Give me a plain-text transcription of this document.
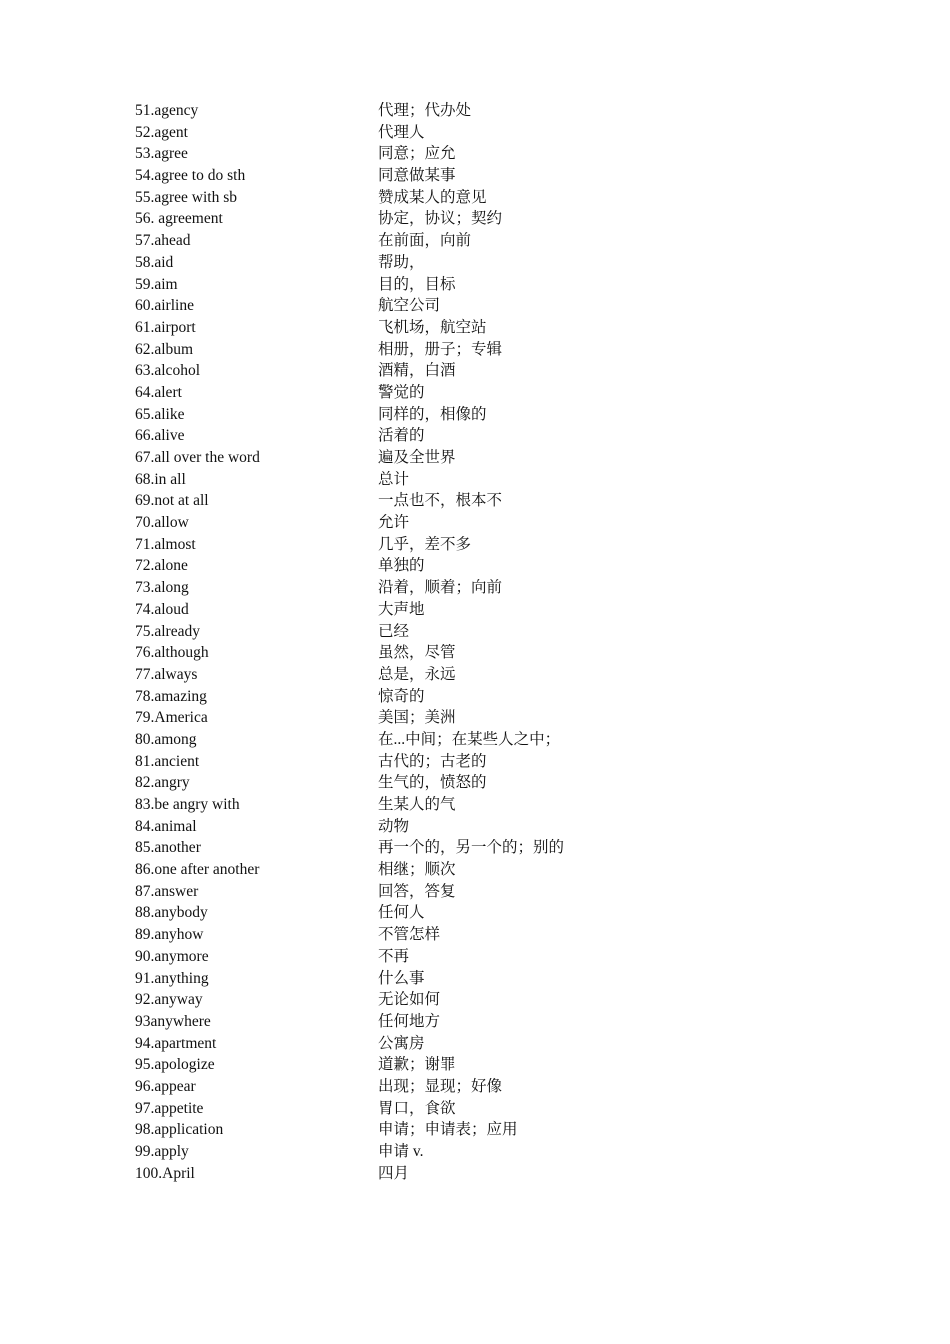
51.agency	代理；代办处
52.agent	代理人
53.agree	同意；应允
54.agree to do sth	同意做某事
55.agree with sb	赞成某人的意见
56. agreement	协定，协议；契约
57.ahead	在前面，向前
58.aid	帮助，
59.aim	目的，目标
60.airline	航空公司
61.airport	飞机场，航空站
62.album	相册，册子；专辑
63.alcohol	酒精，白酒
64.alert	警觉的
65.alike	同样的，相像的
66.alive	活着的
67.all over the word	遍及全世界
68.in all	总计
69.not at all	一点也不，根本不
70.allow	允许
71.almost	几乎，差不多
72.alone	单独的
73.along	沿着，顺着；向前
74.aloud	大声地
75.already	已经
76.although	虽然，尽管
77.always	总是，永远
78.amazing	惊奇的
79.America	美国；美洲
80.among	在...中间；在某些人之中；
81.ancient	古代的；古老的
82.angry	生气的，愤怒的
83.be angry with	生某人的气
84.animal	动物
85.another	再一个的，另一个的；别的
86.one after another	相继；顺次
87.answer	回答，答复
88.anybody	任何人
89.anyhow	不管怎样
90.anymore	不再
91.anything	什么事
92.anyway	无论如何
93anywhere	任何地方
94.apartment	公寓房
95.apologize	道歉；谢罪
96.appear	出现；显现；好像
97.appetite	胃口，食欲
98.application	申请；申请表；应用
99.apply	申请 v.
100.April	四月
